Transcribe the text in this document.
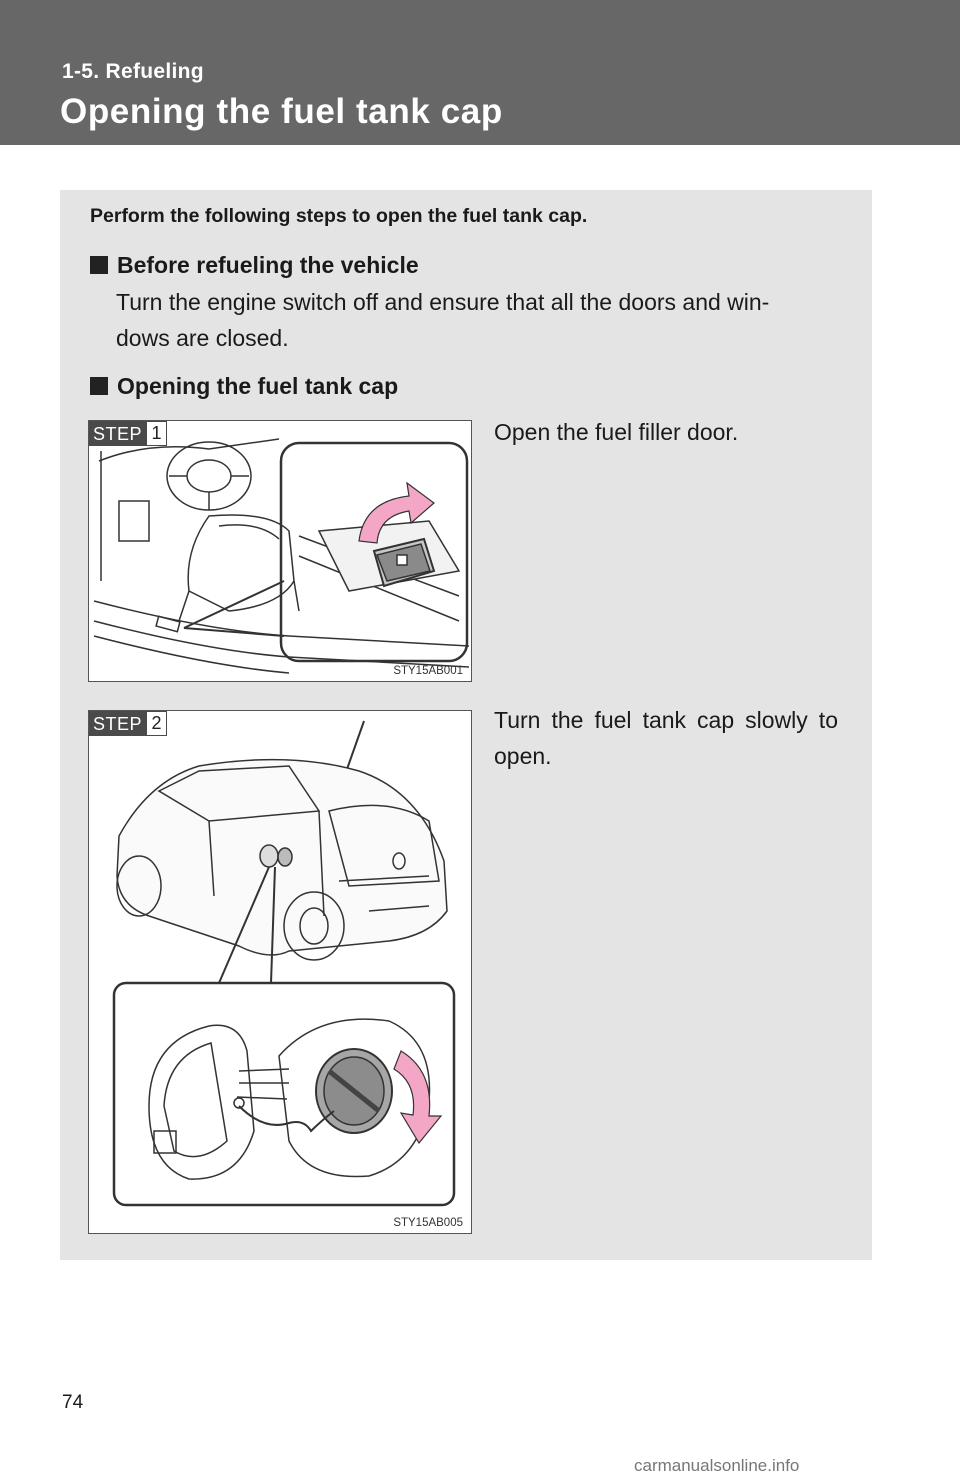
1-5. Refueling
Opening the fuel tank cap
Perform the following steps to open the fuel tank cap.
Before refueling the vehicle
Turn the engine switch off and ensure that all the doors and win-
dows are closed.
Opening the fuel tank cap
STEP 1
STY15AB001
Open the fuel filler door.
STEP 2
STY15AB005
Turn the fuel tank cap slowly to open.
74
carmanualsonline.info
